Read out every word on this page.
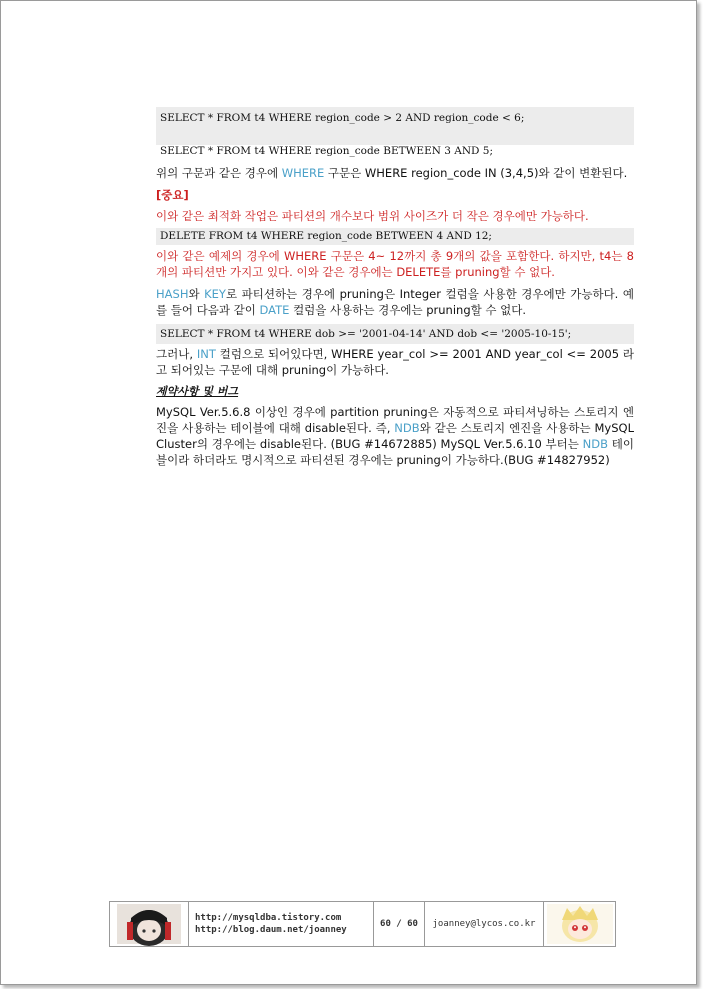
SELECT * FROM t4 WHERE region_code > 2 AND region_code < 6;
SELECT * FROM t4 WHERE region_code BETWEEN 3 AND 5;

위의 구문과 같은 경우에 WHERE 구문은 WHERE region_code IN (3,4,5)와 같이 변환된다.

[중요]

이와 같은 최적화 작업은 파티션의 개수보다 범위 사이즈가 더 작은 경우에만 가능하다.

DELETE FROM t4 WHERE region_code BETWEEN 4 AND 12;

이와 같은 예제의 경우에 WHERE 구문은 4~ 12까지 총 9개의 값을 포함한다. 하지만, t4는 8개의 파티션만 가지고 있다. 이와 같은 경우에는 DELETE를 pruning할 수 없다.

HASH와 KEY로 파티션하는 경우에 pruning은 Integer 컬럼을 사용한 경우에만 가능하다. 예를 들어 다음과 같이 DATE 컬럼을 사용하는 경우에는 pruning할 수 없다.

SELECT * FROM t4 WHERE dob >= '2001-04-14' AND dob <= '2005-10-15';

그러나, INT 컬럼으로 되어있다면, WHERE year_col >= 2001 AND year_col <= 2005 라고 되어있는 구문에 대해 pruning이 가능하다.

제약사항 및 버그

MySQL Ver.5.6.8 이상인 경우에 partition pruning은 자동적으로 파티셔닝하는 스토리지 엔진을 사용하는 테이블에 대해 disable된다. 즉, NDB와 같은 스토리지 엔진을 사용하는 MySQL Cluster의 경우에는 disable된다. (BUG #14672885) MySQL Ver.5.6.10 부터는 NDB 테이블이라 하더라도 명시적으로 파티션된 경우에는 pruning이 가능하다.(BUG #14827952)

http://mysqldba.tistory.com
http://blog.daum.net/joanney
60 / 60	joanney@lycos.co.kr
